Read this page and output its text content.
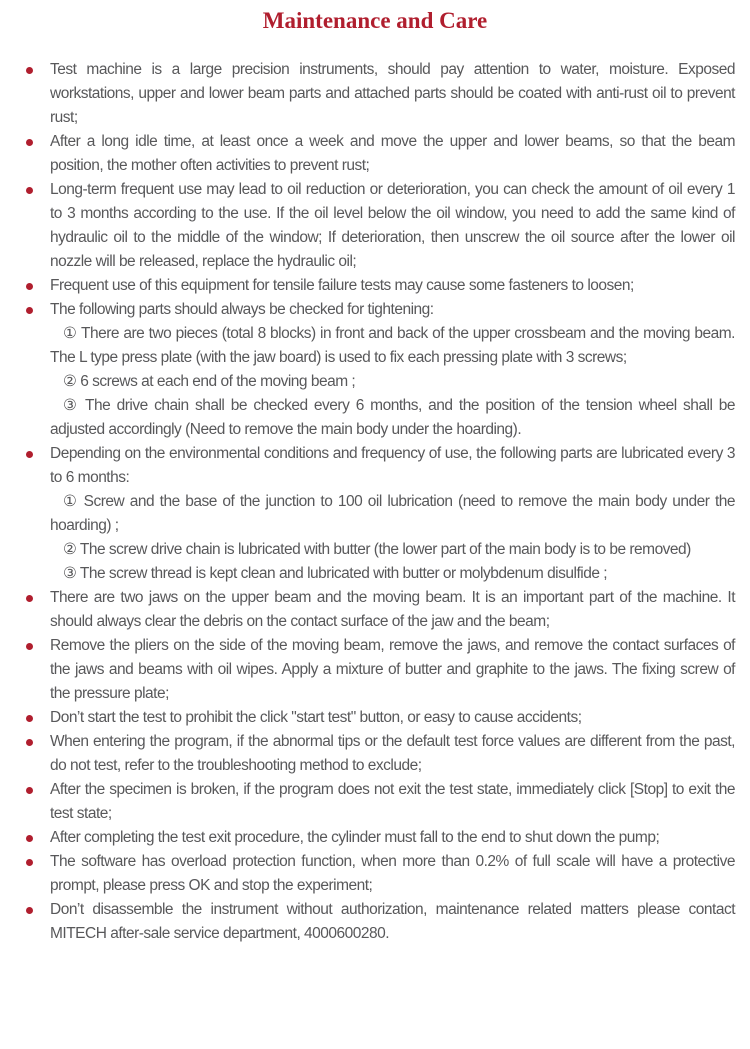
Maintenance and Care

Test machine is a large precision instruments, should pay attention to water, moisture. Exposed workstations, upper and lower beam parts and attached parts should be coated with anti-rust oil to prevent rust;

After a long idle time, at least once a week and move the upper and lower beams, so that the beam position, the mother often activities to prevent rust;

Long-term frequent use may lead to oil reduction or deterioration, you can check the amount of oil every 1 to 3 months according to the use. If the oil level below the oil window, you need to add the same kind of hydraulic oil to the middle of the window; If deterioration, then unscrew the oil source after the lower oil nozzle will be released, replace the hydraulic oil;

Frequent use of this equipment for tensile failure tests may cause some fasteners to loosen;

The following parts should always be checked for tightening:

① There are two pieces (total 8 blocks) in front and back of the upper crossbeam and the moving beam. The L type press plate (with the jaw board) is used to fix each pressing plate with 3 screws;

② 6 screws at each end of the moving beam ;

③ The drive chain shall be checked every 6 months, and the position of the tension wheel shall be adjusted accordingly (Need to remove the main body under the hoarding).

Depending on the environmental conditions and frequency of use, the following parts are lubricated every 3 to 6 months:

① Screw and the base of the junction to 100 oil lubrication (need to remove the main body under the hoarding) ;

② The screw drive chain is lubricated with butter (the lower part of the main body is to be removed)

③ The screw thread is kept clean and lubricated with butter or molybdenum disulfide ;

There are two jaws on the upper beam and the moving beam. It is an important part of the machine. It should always clear the debris on the contact surface of the jaw and the beam;

Remove the pliers on the side of the moving beam, remove the jaws, and remove the contact surfaces of the jaws and beams with oil wipes. Apply a mixture of butter and graphite to the jaws. The fixing screw of the pressure plate;

Don’t start the test to prohibit the click "start test" button, or easy to cause accidents;

When entering the program, if the abnormal tips or the default test force values are different from the past, do not test, refer to the troubleshooting method to exclude;

After the specimen is broken, if the program does not exit the test state, immediately click [Stop] to exit the test state;

After completing the test exit procedure, the cylinder must fall to the end to shut down the pump;

The software has overload protection function, when more than 0.2% of full scale will have a protective prompt, please press OK and stop the experiment;

Don’t disassemble the instrument without authorization, maintenance related matters please contact MITECH after-sale service department, 4000600280.
